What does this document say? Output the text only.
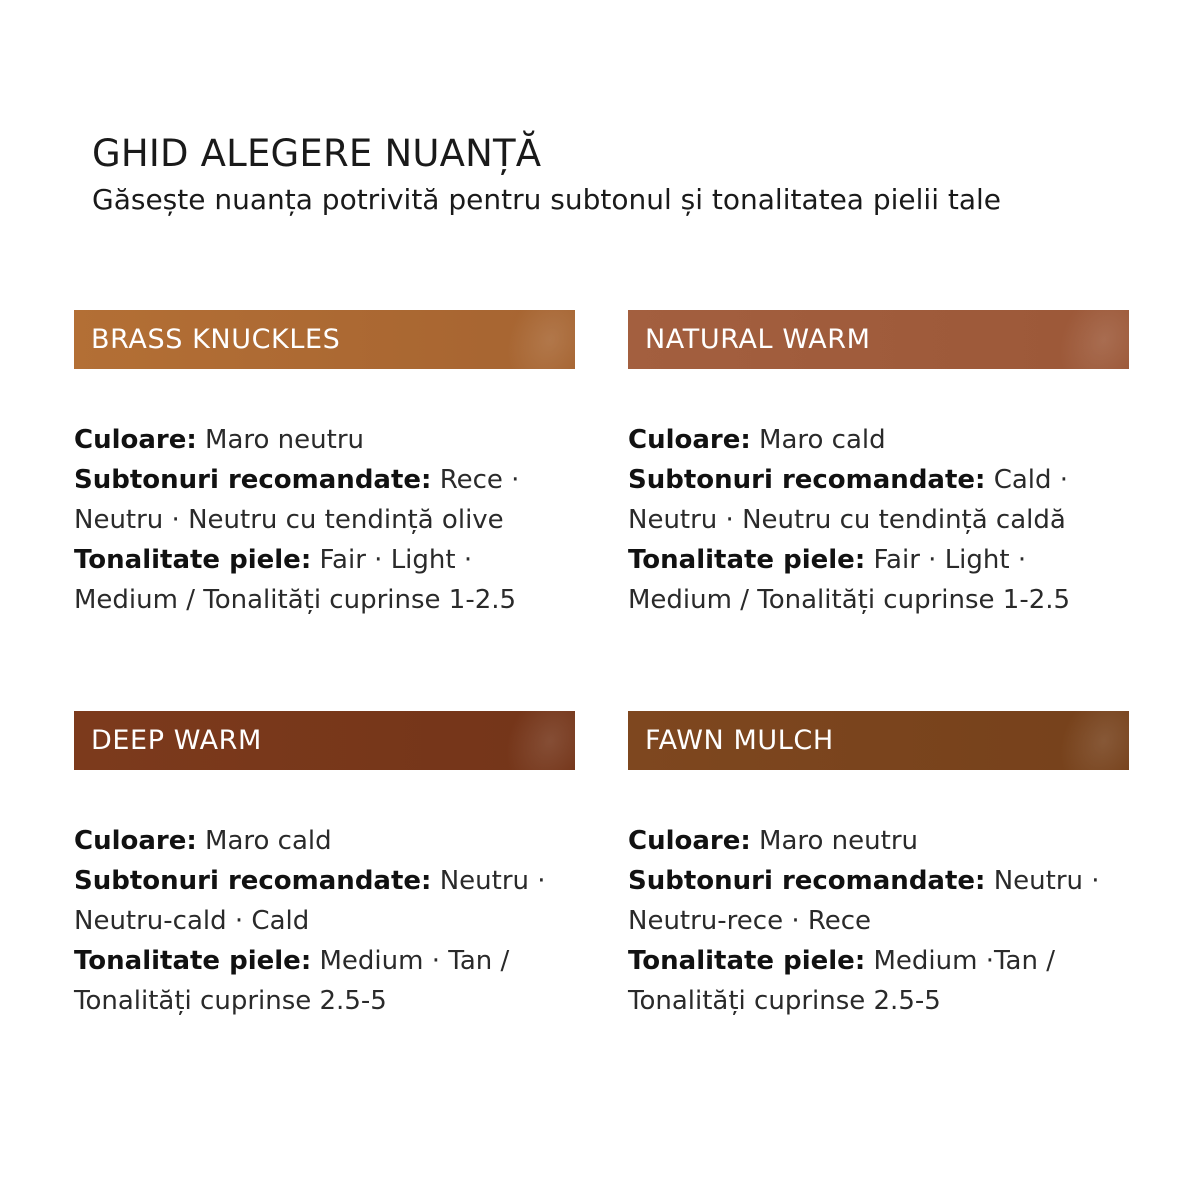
GHID ALEGERE NUANȚĂ

Găsește nuanța potrivită pentru subtonul și tonalitatea pielii tale

BRASS KNUCKLES

Culoare: Maro neutru

Subtonuri recomandate: Rece ·

Neutru · Neutru cu tendință olive

Tonalitate piele: Fair · Light ·

Medium / Tonalități cuprinse 1-2.5

NATURAL WARM

Culoare: Maro cald

Subtonuri recomandate: Cald ·

Neutru · Neutru cu tendință caldă

Tonalitate piele: Fair · Light ·

Medium / Tonalități cuprinse 1-2.5

DEEP WARM

Culoare: Maro cald

Subtonuri recomandate: Neutru ·

Neutru-cald · Cald

Tonalitate piele: Medium · Tan /

Tonalități cuprinse 2.5-5

FAWN MULCH

Culoare: Maro neutru

Subtonuri recomandate: Neutru ·

Neutru-rece · Rece

Tonalitate piele: Medium ·Tan /

Tonalități cuprinse 2.5-5
